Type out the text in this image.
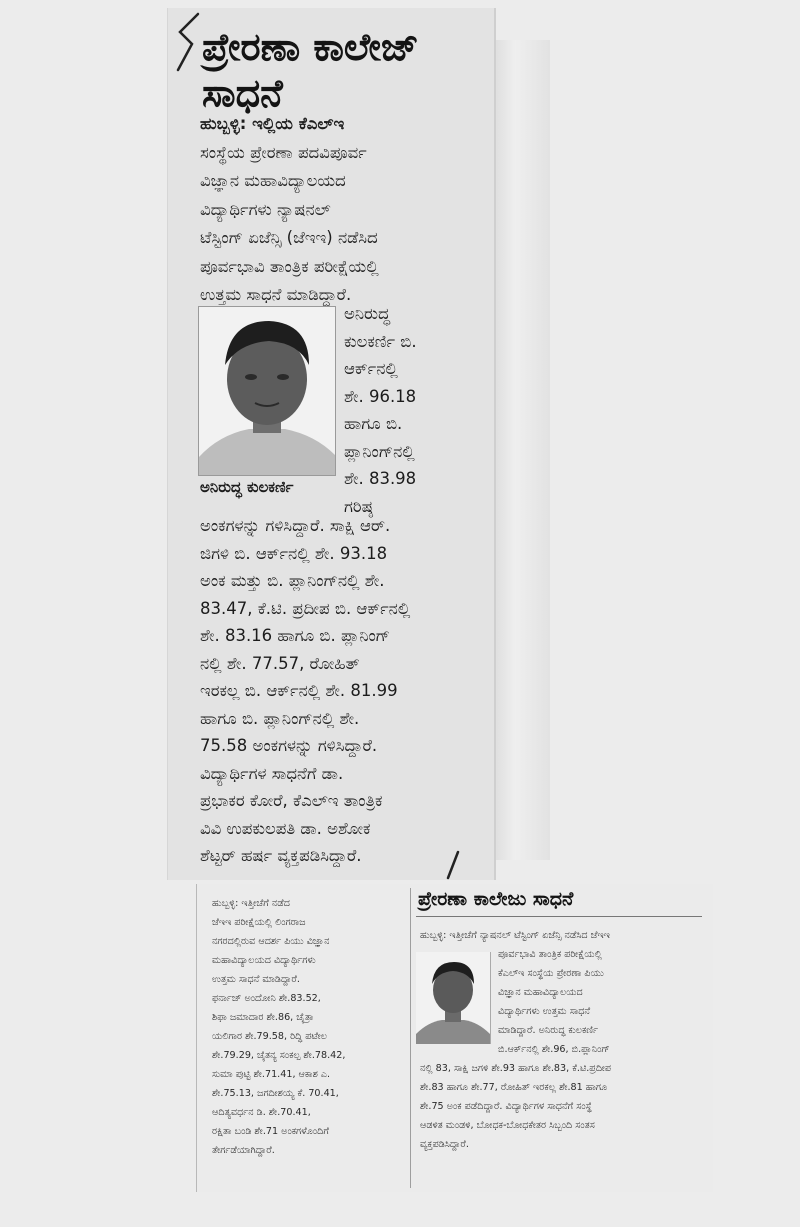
ಪ್ರೇರಣಾ ಕಾಲೇಜ್
ಸಾಧನೆ
ಹುಬ್ಬಳ್ಳಿ: ಇಲ್ಲಿಯ ಕೆಎಲ್‌ಇ
ಸಂಸ್ಥೆಯ ಪ್ರೇರಣಾ ಪದವಿಪೂರ್ವ
ವಿಜ್ಞಾನ ಮಹಾವಿದ್ಯಾಲಯದ
ವಿದ್ಯಾರ್ಥಿಗಳು ನ್ಯಾಷನಲ್
ಟೆಸ್ಟಿಂಗ್ ಏಜೆನ್ಸಿ (ಜೆಇಇ) ನಡೆಸಿದ
ಪೂರ್ವಭಾವಿ ತಾಂತ್ರಿಕ ಪರೀಕ್ಷೆಯಲ್ಲಿ
ಉತ್ತಮ ಸಾಧನೆ ಮಾಡಿದ್ದಾರೆ.
ಅನಿರುದ್ಧ ಕುಲಕರ್ಣಿ
ಅನಿರುದ್ಧ
ಕುಲಕರ್ಣಿ ಬಿ.
ಆರ್ಕ್‌ನಲ್ಲಿ
ಶೇ. 96.18
ಹಾಗೂ ಬಿ.
ಪ್ಲಾನಿಂಗ್‌ನಲ್ಲಿ
ಶೇ. 83.98
ಗರಿಷ್ಠ
ಅಂಕಗಳನ್ನು ಗಳಿಸಿದ್ದಾರೆ. ಸಾಕ್ಷಿ ಆರ್.
ಜಿಗಳಿ ಬಿ. ಆರ್ಕ್‌ನಲ್ಲಿ ಶೇ. 93.18
ಅಂಕ ಮತ್ತು ಬಿ. ಪ್ಲಾನಿಂಗ್‌ನಲ್ಲಿ ಶೇ.
83.47, ಕೆ.ಟಿ. ಪ್ರದೀಪ ಬಿ. ಆರ್ಕ್‌ನಲ್ಲಿ
ಶೇ. 83.16 ಹಾಗೂ ಬಿ. ಪ್ಲಾನಿಂಗ್
ನಲ್ಲಿ ಶೇ. 77.57, ರೋಹಿತ್
ಇರಕಲ್ಲ ಬಿ. ಆರ್ಕ್‌ನಲ್ಲಿ ಶೇ. 81.99
ಹಾಗೂ ಬಿ. ಪ್ಲಾನಿಂಗ್‌ನಲ್ಲಿ ಶೇ.
75.58 ಅಂಕಗಳನ್ನು ಗಳಿಸಿದ್ದಾರೆ.
ವಿದ್ಯಾರ್ಥಿಗಳ ಸಾಧನೆಗೆ ಡಾ.
ಪ್ರಭಾಕರ ಕೋರೆ, ಕೆಎಲ್‌ಇ ತಾಂತ್ರಿಕ
ವಿವಿ ಉಪಕುಲಪತಿ ಡಾ. ಅಶೋಕ
ಶೆಟ್ಟರ್ ಹರ್ಷ ವ್ಯಕ್ತಪಡಿಸಿದ್ದಾರೆ.
ಹುಬ್ಬಳ್ಳಿ: ಇತ್ತೀಚೆಗೆ ನಡೆದ
ಜೆಇಇ ಪರೀಕ್ಷೆಯಲ್ಲಿ ಲಿಂಗರಾಜ
ನಗರದಲ್ಲಿರುವ ಆದರ್ಶ ಪಿಯು ವಿಜ್ಞಾನ
ಮಹಾವಿದ್ಯಾಲಯದ ವಿದ್ಯಾರ್ಥಿಗಳು
ಉತ್ತಮ ಸಾಧನೆ ಮಾಡಿದ್ದಾರೆ.
ಫರ್ನಾಜ್ ಅಂದೋನಿ ಶೇ.83.52,
ಶಿಫಾ ಜಮಾದಾರ ಶೇ.86, ಚೈತ್ರಾ
ಯಲಿಗಾರ ಶೇ.79.58, ರಿದ್ಧಿ ಪಟೇಲ
ಶೇ.79.29, ಚೈತನ್ಯ ಸಂಕಲ್ಪ ಶೇ.78.42,
ಸುಮಾ ಪುಟ್ಟಿ ಶೇ.71.41, ಆಕಾಶ ಎ.
ಶೇ.75.13, ಜಗದೀಶಯ್ಯ ಕೆ. 70.41,
ಆದಿತ್ಯವರ್ಧನ ಡಿ. ಶೇ.70.41,
ರಕ್ಷಿತಾ ಬಂಡಿ ಶೇ.71 ಅಂಕಗಳೊಂದಿಗೆ
ತೇರ್ಗಡೆಯಾಗಿದ್ದಾರೆ.
ಪ್ರೇರಣಾ ಕಾಲೇಜು ಸಾಧನೆ
ಹುಬ್ಬಳ್ಳಿ: ಇತ್ತೀಚೆಗೆ ನ್ಯಾಷನಲ್ ಟೆಸ್ಟಿಂಗ್ ಏಜೆನ್ಸಿ ನಡೆಸಿದ ಜೆಇಇ
ಪೂರ್ವಭಾವಿ ತಾಂತ್ರಿಕ ಪರೀಕ್ಷೆಯಲ್ಲಿ
ಕೆಎಲ್‌ಇ ಸಂಸ್ಥೆಯ ಪ್ರೇರಣಾ ಪಿಯು
ವಿಜ್ಞಾನ ಮಹಾವಿದ್ಯಾಲಯದ
ವಿದ್ಯಾರ್ಥಿಗಳು ಉತ್ತಮ ಸಾಧನೆ
ಮಾಡಿದ್ದಾರೆ. ಅನಿರುದ್ಧ ಕುಲಕರ್ಣಿ
ಬಿ.ಆರ್ಕ್‌ನಲ್ಲಿ ಶೇ.96, ಬಿ.ಪ್ಲಾನಿಂಗ್
ನಲ್ಲಿ 83, ಸಾಕ್ಷಿ ಜಗಳಿ ಶೇ.93 ಹಾಗೂ ಶೇ.83, ಕೆ.ಟಿ.ಪ್ರದೀಪ
ಶೇ.83 ಹಾಗೂ ಶೇ.77, ರೋಹಿತ್ ಇರಕಲ್ಲ ಶೇ.81 ಹಾಗೂ
ಶೇ.75 ಅಂಕ ಪಡೆದಿದ್ದಾರೆ. ವಿದ್ಯಾರ್ಥಿಗಳ ಸಾಧನೆಗೆ ಸಂಸ್ಥೆ
ಆಡಳಿತ ಮಂಡಳಿ, ಬೋಧಕ-ಬೋಧಕೇತರ ಸಿಬ್ಬಂದಿ ಸಂತಸ
ವ್ಯಕ್ತಪಡಿಸಿದ್ದಾರೆ.
